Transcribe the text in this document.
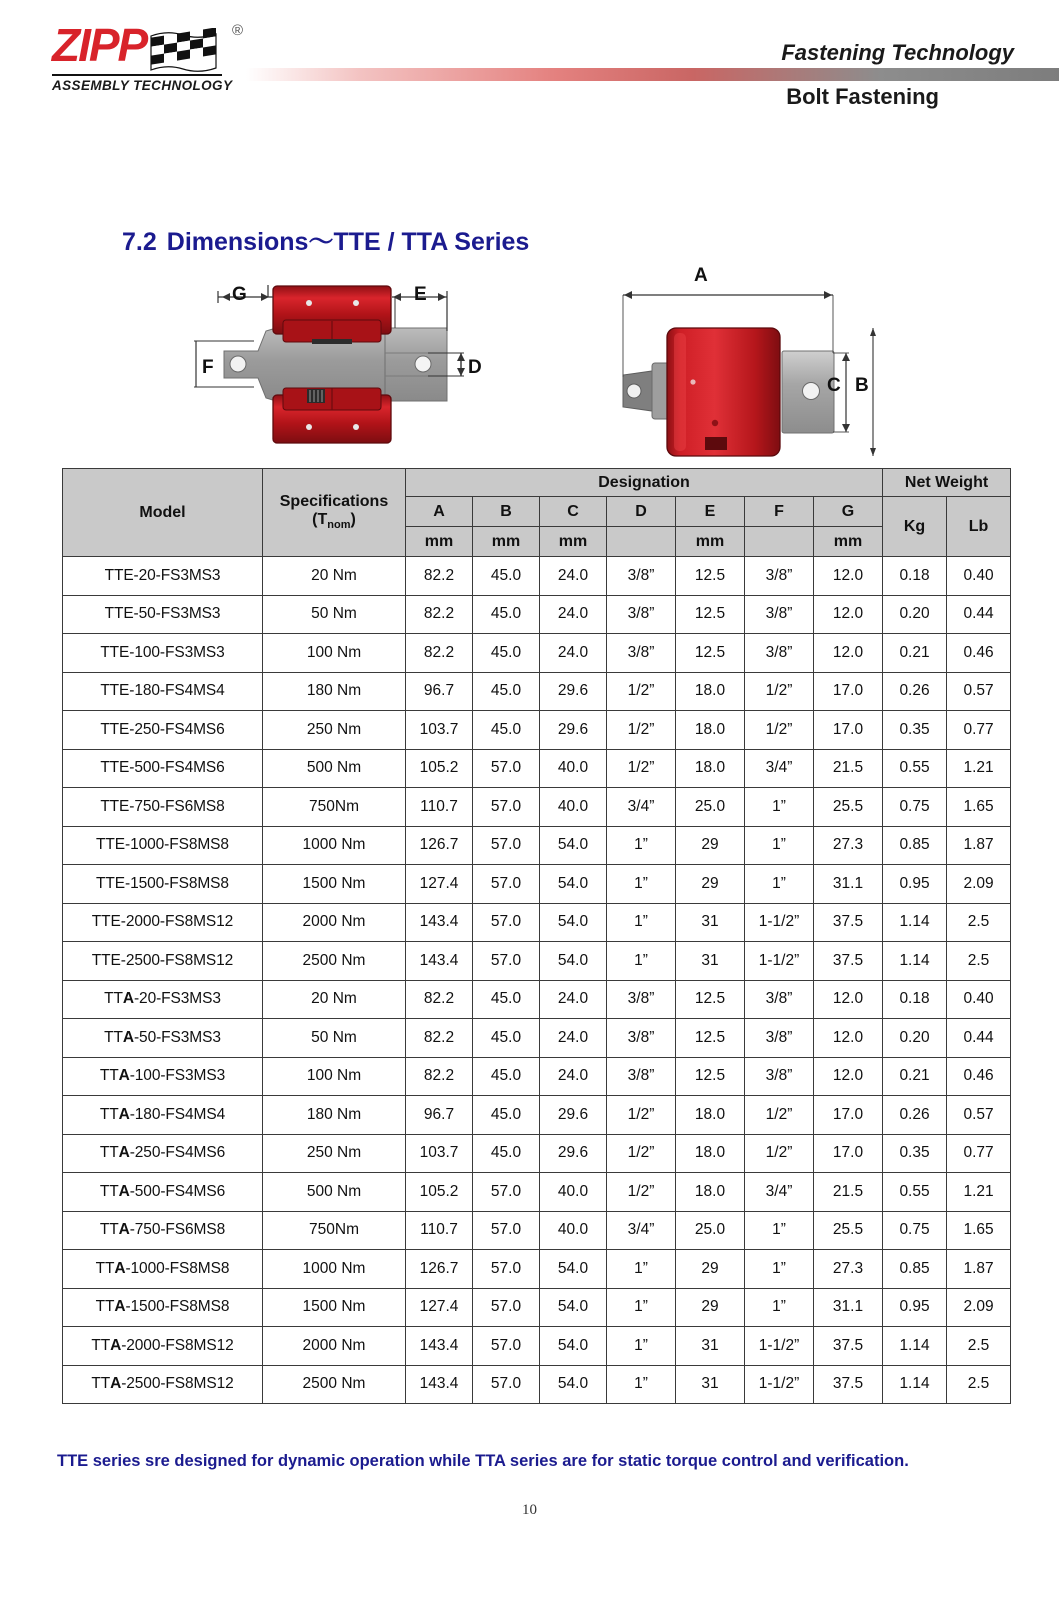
ZIPP	®
ASSEMBLY TECHNOLOGY
Fastening Technology
Bolt Fastening
7.2 Dimensions〜TTE / TTA Series
G	E
F	D
A
C B
Model	Specifications
$(T_{nom})$	Designation							Net Weight	
		A	B	C	D	E	F	G	Kg	Lb
		mm	mm	mm		mm		mm		
TTE-20-FS3MS3	20 Nm	82.2	45.0	24.0	3/8”	12.5	3/8”	12.0	0.18	0.40
TTE-50-FS3MS3	50 Nm	82.2	45.0	24.0	3/8”	12.5	3/8”	12.0	0.20	0.44
TTE-100-FS3MS3	100 Nm	82.2	45.0	24.0	3/8”	12.5	3/8”	12.0	0.21	0.46
TTE-180-FS4MS4	180 Nm	96.7	45.0	29.6	1/2”	18.0	1/2”	17.0	0.26	0.57
TTE-250-FS4MS6	250 Nm	103.7	45.0	29.6	1/2”	18.0	1/2”	17.0	0.35	0.77
TTE-500-FS4MS6	500 Nm	105.2	57.0	40.0	1/2”	18.0	3/4”	21.5	0.55	1.21
TTE-750-FS6MS8	750Nm	110.7	57.0	40.0	3/4”	25.0	1”	25.5	0.75	1.65
TTE-1000-FS8MS8	1000 Nm	126.7	57.0	54.0	1”	29	1”	27.3	0.85	1.87
TTE-1500-FS8MS8	1500 Nm	127.4	57.0	54.0	1”	29	1”	31.1	0.95	2.09
TTE-2000-FS8MS12	2000 Nm	143.4	57.0	54.0	1”	31	1-1/2”	37.5	1.14	2.5
TTE-2500-FS8MS12	2500 Nm	143.4	57.0	54.0	1”	31	1-1/2”	37.5	1.14	2.5
TTA-20-FS3MS3	20 Nm	82.2	45.0	24.0	3/8”	12.5	3/8”	12.0	0.18	0.40
TTA-50-FS3MS3	50 Nm	82.2	45.0	24.0	3/8”	12.5	3/8”	12.0	0.20	0.44
TTA-100-FS3MS3	100 Nm	82.2	45.0	24.0	3/8”	12.5	3/8”	12.0	0.21	0.46
TTA-180-FS4MS4	180 Nm	96.7	45.0	29.6	1/2”	18.0	1/2”	17.0	0.26	0.57
TTA-250-FS4MS6	250 Nm	103.7	45.0	29.6	1/2”	18.0	1/2”	17.0	0.35	0.77
TTA-500-FS4MS6	500 Nm	105.2	57.0	40.0	1/2”	18.0	3/4”	21.5	0.55	1.21
TTA-750-FS6MS8	750Nm	110.7	57.0	40.0	3/4”	25.0	1”	25.5	0.75	1.65
TTA-1000-FS8MS8	1000 Nm	126.7	57.0	54.0	1”	29	1”	27.3	0.85	1.87
TTA-1500-FS8MS8	1500 Nm	127.4	57.0	54.0	1”	29	1”	31.1	0.95	2.09
TTA-2000-FS8MS12	2000 Nm	143.4	57.0	54.0	1”	31	1-1/2”	37.5	1.14	2.5
TTA-2500-FS8MS12	2500 Nm	143.4	57.0	54.0	1”	31	1-1/2”	37.5	1.14	2.5
TTE series sre designed for dynamic operation while TTA series are for static torque control and verification.
10
